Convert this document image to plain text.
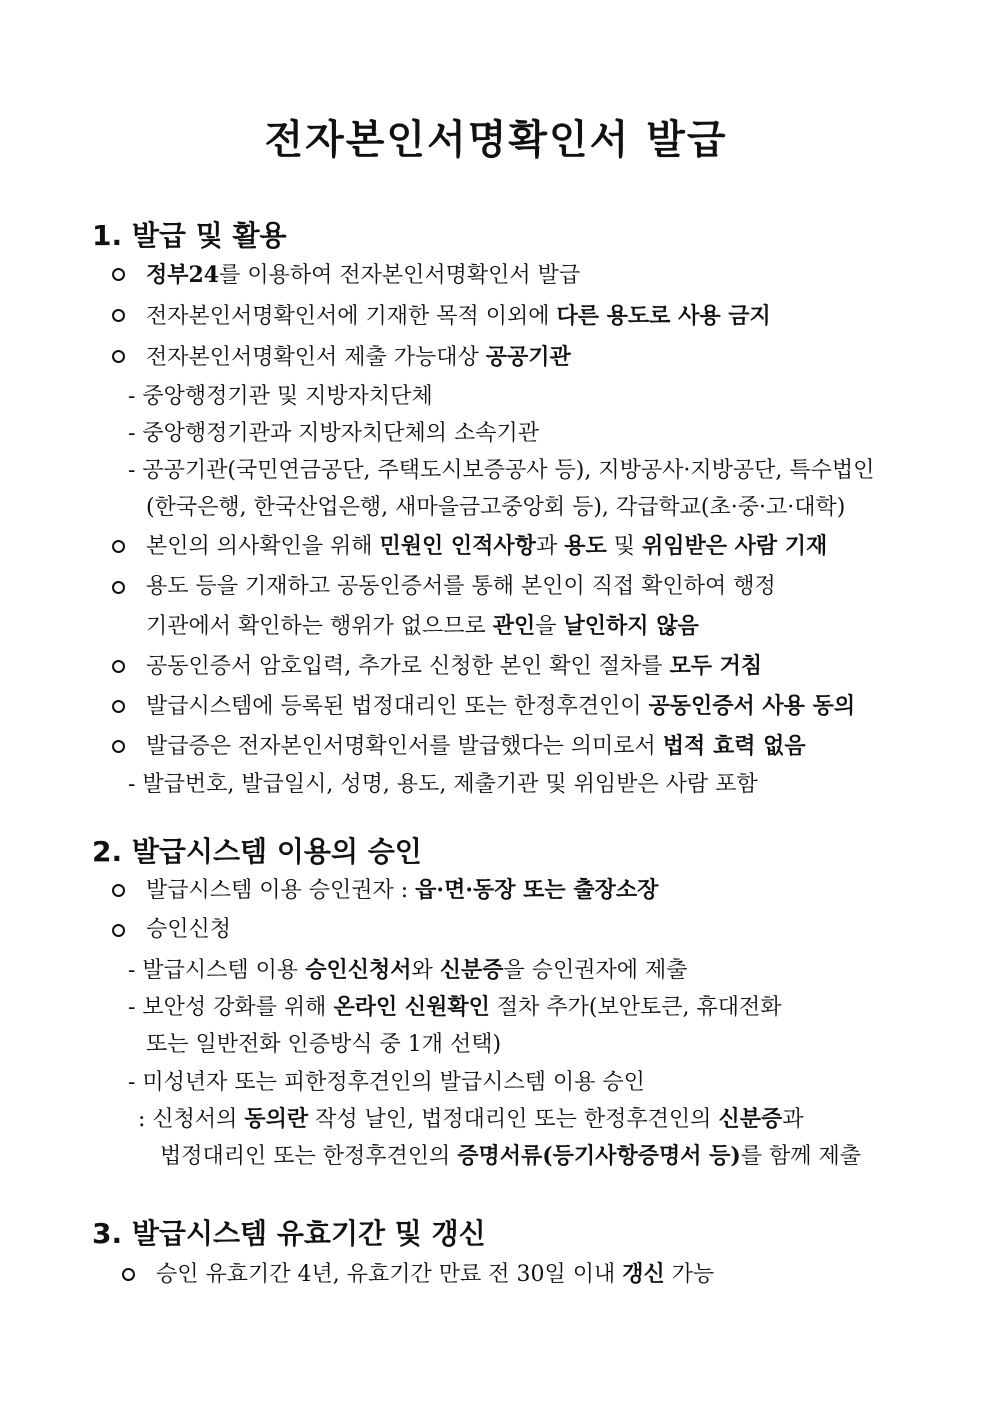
전자본인서명확인서 발급
1. 발급 및 활용
정부24를 이용하여 전자본인서명확인서 발급
전자본인서명확인서에 기재한 목적 이외에 다른 용도로 사용 금지
전자본인서명확인서 제출 가능대상 공공기관
- 중앙행정기관 및 지방자치단체
- 중앙행정기관과 지방자치단체의 소속기관
- 공공기관(국민연금공단, 주택도시보증공사 등), 지방공사·지방공단, 특수법인
(한국은행, 한국산업은행, 새마을금고중앙회 등), 각급학교(초·중·고·대학)
본인의 의사확인을 위해 민원인 인적사항과 용도 및 위임받은 사람 기재
용도 등을 기재하고 공동인증서를 통해 본인이 직접 확인하여 행정
기관에서 확인하는 행위가 없으므로 관인을 날인하지 않음
공동인증서 암호입력, 추가로 신청한 본인 확인 절차를 모두 거침
발급시스템에 등록된 법정대리인 또는 한정후견인이 공동인증서 사용 동의
발급증은 전자본인서명확인서를 발급했다는 의미로서 법적 효력 없음
- 발급번호, 발급일시, 성명, 용도, 제출기관 및 위임받은 사람 포함
2. 발급시스템 이용의 승인
발급시스템 이용 승인권자 : 읍·면·동장 또는 출장소장
승인신청
- 발급시스템 이용 승인신청서와 신분증을 승인권자에 제출
- 보안성 강화를 위해 온라인 신원확인 절차 추가(보안토큰, 휴대전화
또는 일반전화 인증방식 중 1개 선택)
- 미성년자 또는 피한정후견인의 발급시스템 이용 승인
: 신청서의 동의란 작성 날인, 법정대리인 또는 한정후견인의 신분증과
법정대리인 또는 한정후견인의 증명서류(등기사항증명서 등)를 함께 제출
3. 발급시스템 유효기간 및 갱신
승인 유효기간 4년, 유효기간 만료 전 30일 이내 갱신 가능
